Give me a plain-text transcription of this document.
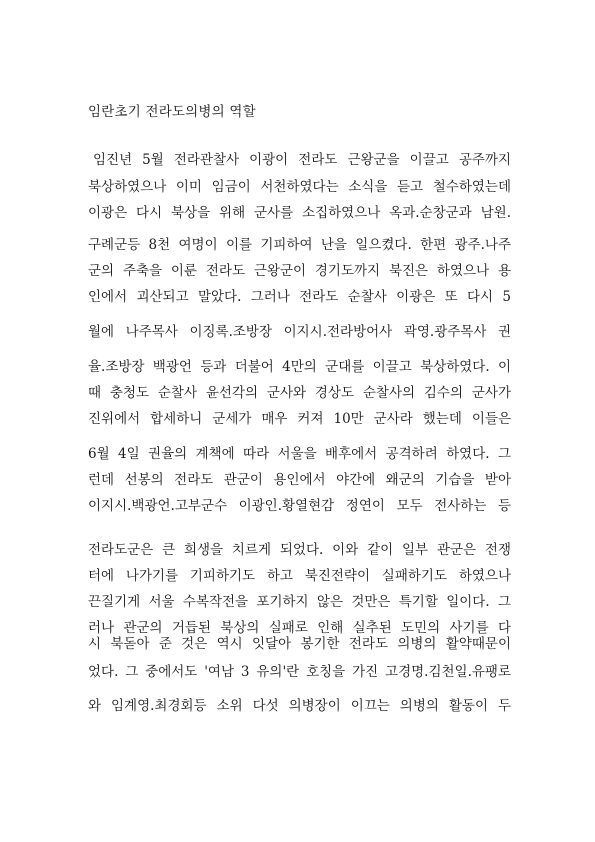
임란초기 전라도의병의 역할
임진년 5월 전라관찰사 이광이 전라도 근왕군을 이끌고 공주까지
북상하였으나 이미 임금이 서천하였다는 소식을 듣고 철수하였는데
이광은 다시 북상을 위해 군사를 소집하였으나 옥과.순창군과 남원.
구례군등 8천 여명이 이를 기피하여 난을 일으켰다. 한편 광주.나주
군의 주축을 이룬 전라도 근왕군이 경기도까지 북진은 하였으나 용
인에서 괴산되고 말았다. 그러나 전라도 순찰사 이광은 또 다시 5
월에 나주목사 이징록.조방장 이지시.전라방어사 곽영.광주목사 권
율.조방장 백광언 등과 더불어 4만의 군대를 이끌고 북상하였다. 이
때 충청도 순찰사 윤선각의 군사와 경상도 순찰사의 김수의 군사가
진위에서 합세하니 군세가 매우 커져 10만 군사라 했는데 이들은
6월 4일 권율의 계책에 따라 서울을 배후에서 공격하려 하였다. 그
런데 선봉의 전라도 관군이 용인에서 야간에 왜군의 기습을 받아
이지시.백광언.고부군수 이광인.황열현감 정연이 모두 전사하는 등
전라도군은 큰 희생을 치르게 되었다. 이와 같이 일부 관군은 전쟁
터에 나가기를 기피하기도 하고 북진전략이 실패하기도 하였으나
끈질기게 서울 수복작전을 포기하지 않은 것만은 특기할 일이다. 그
러나 관군의 거듭된 북상의 실패로 인해 실추된 도민의 사기를 다
시 북돋아 준 것은 역시 잇달아 봉기한 전라도 의병의 활약때문이
었다. 그 중에서도 '여남 3 유의'란 호칭을 가진 고경명.김천일.유팽로
와 임계영.최경회등 소위 다섯 의병장이 이끄는 의병의 활동이 두
